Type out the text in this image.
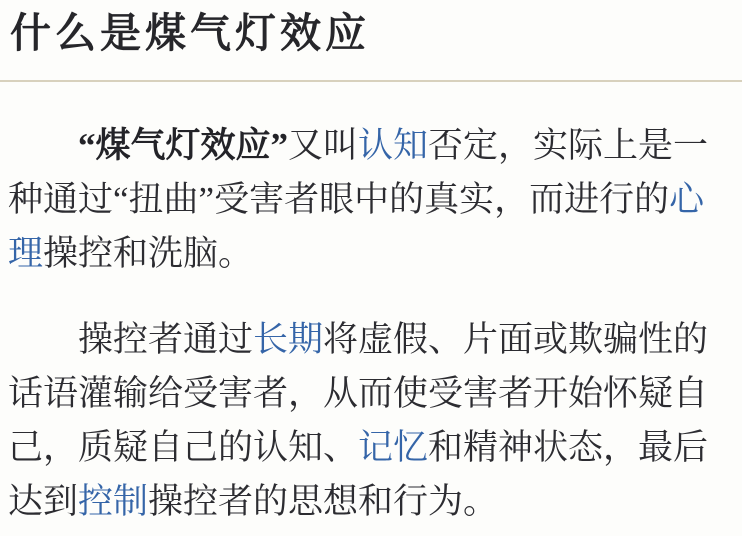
什么是煤气灯效应

“煤气灯效应”又叫认知否定，实际上是一种通过“扭曲”受害者眼中的真实，而进行的心理操控和洗脑。

操控者通过长期将虚假、片面或欺骗性的话语灌输给受害者，从而使受害者开始怀疑自己，质疑自己的认知、记忆和精神状态，最后达到控制操控者的思想和行为。
